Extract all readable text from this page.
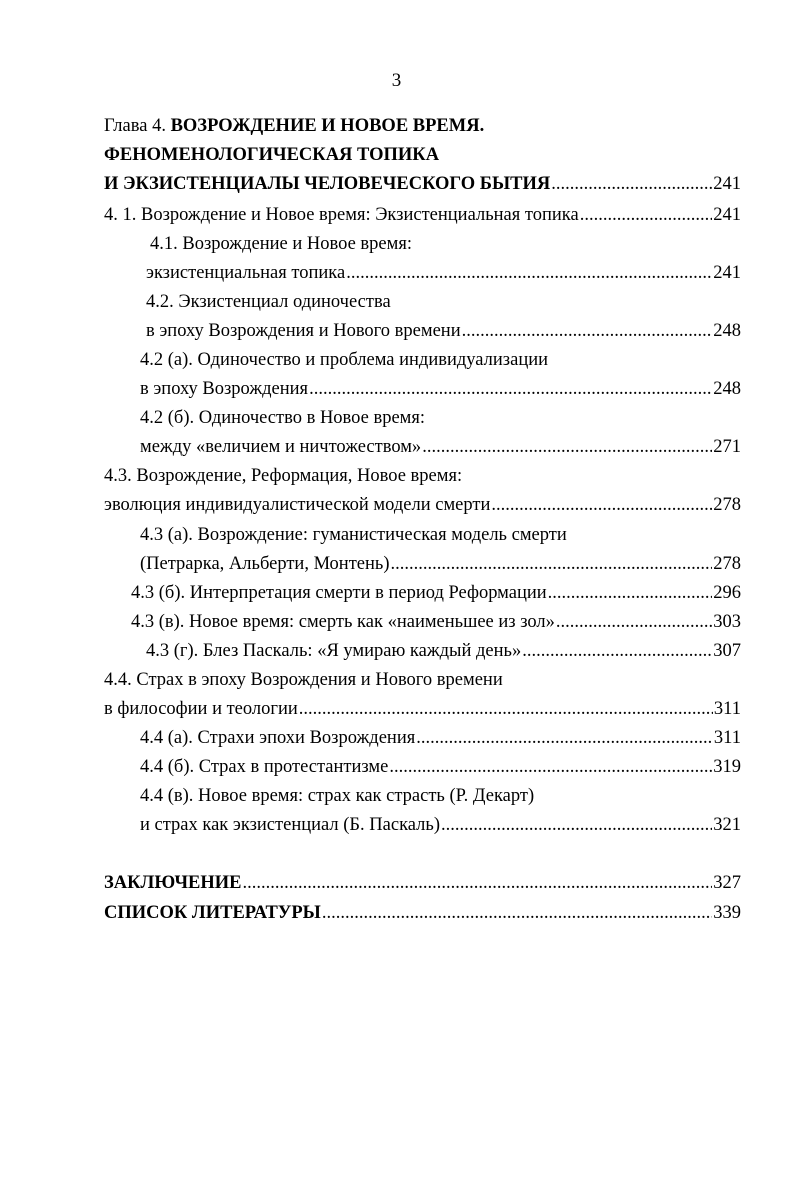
3
Глава 4. ВОЗРОЖДЕНИЕ И НОВОЕ ВРЕМЯ.
ФЕНОМЕНОЛОГИЧЕСКАЯ ТОПИКА
И ЭКЗИСТЕНЦИАЛЫ ЧЕЛОВЕЧЕСКОГО БЫТИЯ .....	241
4. 1. Возрождение и Новое время: Экзистенциальная топика .....	241
4.1. Возрождение и Новое время:
экзистенциальная топика .....	241
4.2. Экзистенциал одиночества
в эпоху Возрождения и Нового времени .....	248
4.2 (а). Одиночество и проблема индивидуализации
в эпоху Возрождения .....	248
4.2 (б). Одиночество в Новое время:
между «величием и ничтожеством» .....	271
4.3. Возрождение, Реформация, Новое время:
эволюция индивидуалистической модели смерти .....	278
4.3 (а). Возрождение: гуманистическая модель смерти
(Петрарка, Альберти, Монтень) .....	278
4.3 (б). Интерпретация смерти в период Реформации .....	296
4.3 (в). Новое время: смерть как «наименьшее из зол» .....	303
4.3 (г). Блез Паскаль: «Я умираю каждый день» .....	307
4.4. Страх в эпоху Возрождения и Нового времени
в философии и теологии .....	311
4.4 (а). Страхи эпохи Возрождения .....	311
4.4 (б). Страх в протестантизме .....	319
4.4 (в). Новое время: страх как страсть (Р. Декарт)
и страх как экзистенциал (Б. Паскаль) .....	321
ЗАКЛЮЧЕНИЕ .....	327
СПИСОК ЛИТЕРАТУРЫ .....	339
